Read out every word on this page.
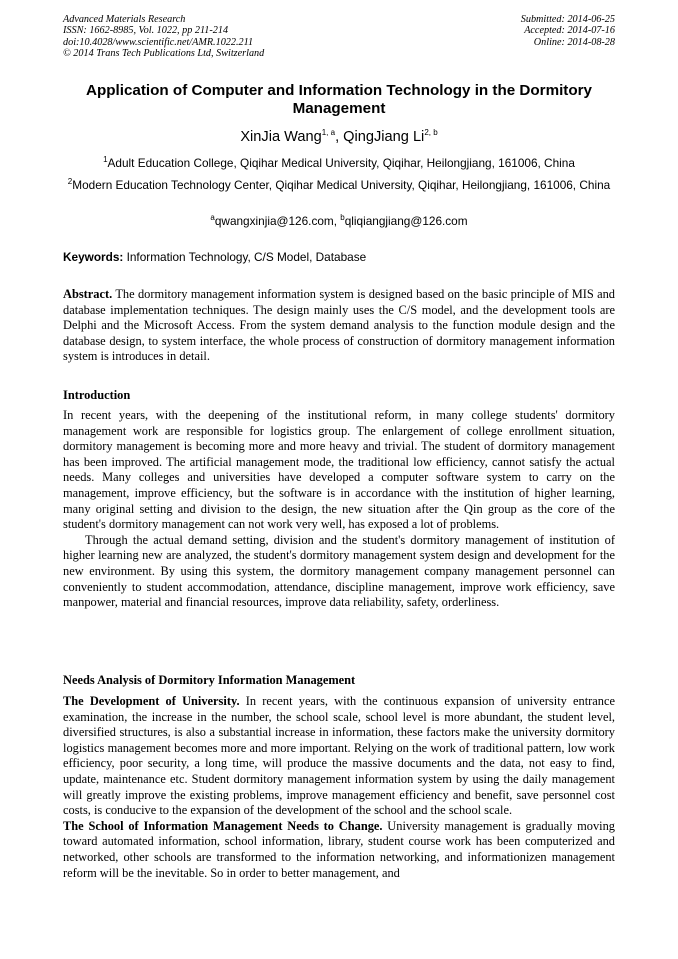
Advanced Materials Research
ISSN: 1662-8985, Vol. 1022, pp 211-214
doi:10.4028/www.scientific.net/AMR.1022.211
© 2014 Trans Tech Publications Ltd, Switzerland
Submitted: 2014-06-25
Accepted: 2014-07-16
Online: 2014-08-28
Application of Computer and Information Technology in the Dormitory Management
XinJia Wang$^{1, a}$, QingJiang Li$^{2, b}$
$^1$Adult Education College, Qiqihar Medical University, Qiqihar, Heilongjiang, 161006, China
$^2$Modern Education Technology Center, Qiqihar Medical University, Qiqihar, Heilongjiang, 161006, China
$^a$qwangxinjia@126.com, $^b$qliqiangjiang@126.com
Keywords: Information Technology, C/S Model, Database

Abstract. The dormitory management information system is designed based on the basic principle of MIS and database implementation techniques. The design mainly uses the C/S model, and the development tools are Delphi and the Microsoft Access. From the system demand analysis to the function module design and the database design, to system interface, the whole process of construction of dormitory management information system is introduces in detail.

Introduction

In recent years, with the deepening of the institutional reform, in many college students' dormitory management work are responsible for logistics group. The enlargement of college enrollment situation, dormitory management is becoming more and more heavy and trivial. The student of dormitory management has been improved. The artificial management mode, the traditional low efficiency, cannot satisfy the actual needs. Many colleges and universities have developed a computer software system to carry on the management, improve efficiency, but the software is in accordance with the institution of higher learning, many original setting and division to the design, the new situation after the Qin group as the core of the student's dormitory management can not work very well, has exposed a lot of problems.

Through the actual demand setting, division and the student's dormitory management of institution of higher learning new are analyzed, the student's dormitory management system design and development for the new environment. By using this system, the dormitory management company management personnel can conveniently to student accommodation, attendance, discipline management, improve work efficiency, save manpower, material and financial resources, improve data reliability, safety, orderliness.

Needs Analysis of Dormitory Information Management

The Development of University. In recent years, with the continuous expansion of university entrance examination, the increase in the number, the school scale, school level is more abundant, the student level, diversified structures, is also a substantial increase in information, these factors make the university dormitory logistics management becomes more and more important. Relying on the work of traditional pattern, low work efficiency, poor security, a long time, will produce the massive documents and the data, not easy to find, update, maintenance etc. Student dormitory management information system by using the daily management will greatly improve the existing problems, improve management efficiency and benefit, save personnel cost costs, is conducive to the expansion of the development of the school and the school scale.

The School of Information Management Needs to Change. University management is gradually moving toward automated information, school information, library, student course work has been computerized and networked, other schools are transformed to the information networking, and informationizen management reform will be the inevitable. So in order to better management, and
